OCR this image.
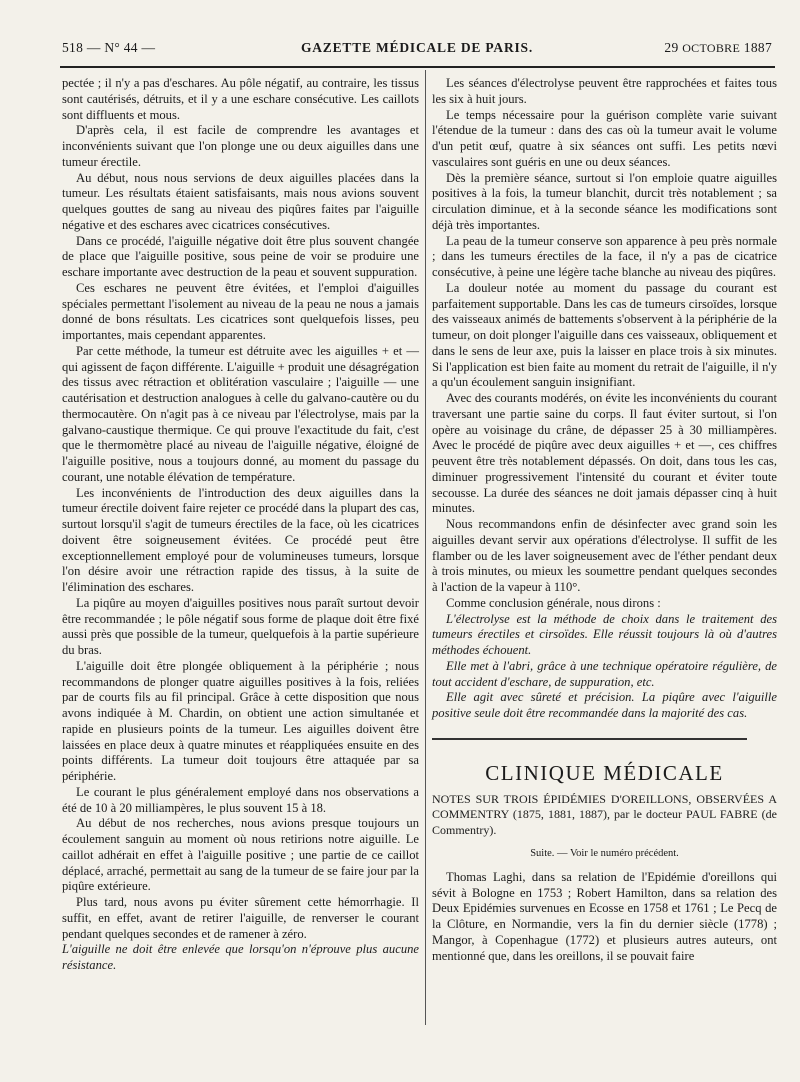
518 — N° 44 —	GAZETTE MÉDICALE DE PARIS.	29 OCTOBRE 1887

pectée ; il n'y a pas d'eschares. Au pôle négatif, au contraire, les tissus sont cautérisés, détruits, et il y a une eschare consécutive. Les caillots sont diffluents et mous.

D'après cela, il est facile de comprendre les avantages et inconvénients suivant que l'on plonge une ou deux aiguilles dans une tumeur érectile.

Au début, nous nous servions de deux aiguilles placées dans la tumeur. Les résultats étaient satisfaisants, mais nous avions souvent quelques gouttes de sang au niveau des piqûres faites par l'aiguille négative et des eschares avec cicatrices consécutives.

Dans ce procédé, l'aiguille négative doit être plus souvent changée de place que l'aiguille positive, sous peine de voir se produire une eschare importante avec destruction de la peau et souvent suppuration.

Ces eschares ne peuvent être évitées, et l'emploi d'aiguilles spéciales permettant l'isolement au niveau de la peau ne nous a jamais donné de bons résultats. Les cicatrices sont quelquefois lisses, peu importantes, mais cependant apparentes.

Par cette méthode, la tumeur est détruite avec les aiguilles + et — qui agissent de façon différente. L'aiguille + produit une désagrégation des tissus avec rétraction et oblitération vasculaire ; l'aiguille — une cautérisation et destruction analogues à celle du galvano-cautère ou du thermocautère. On n'agit pas à ce niveau par l'électrolyse, mais par la galvano-caustique thermique. Ce qui prouve l'exactitude du fait, c'est que le thermomètre placé au niveau de l'aiguille négative, éloigné de l'aiguille positive, nous a toujours donné, au moment du passage du courant, une notable élévation de température.

Les inconvénients de l'introduction des deux aiguilles dans la tumeur érectile doivent faire rejeter ce procédé dans la plupart des cas, surtout lorsqu'il s'agit de tumeurs érectiles de la face, où les cicatrices doivent être soigneusement évitées. Ce procédé peut être exceptionnellement employé pour de volumineuses tumeurs, lorsque l'on désire avoir une rétraction rapide des tissus, à la suite de l'élimination des eschares.

La piqûre au moyen d'aiguilles positives nous paraît surtout devoir être recommandée ; le pôle négatif sous forme de plaque doit être fixé aussi près que possible de la tumeur, quelquefois à la partie supérieure du bras.

L'aiguille doit être plongée obliquement à la périphérie ; nous recommandons de plonger quatre aiguilles positives à la fois, reliées par de courts fils au fil principal. Grâce à cette disposition que nous avons indiquée à M. Chardin, on obtient une action simultanée et rapide en plusieurs points de la tumeur. Les aiguilles doivent être laissées en place deux à quatre minutes et réappliquées ensuite en des points différents. La tumeur doit toujours être attaquée par sa périphérie.

Le courant le plus généralement employé dans nos observations a été de 10 à 20 milliampères, le plus souvent 15 à 18.

Au début de nos recherches, nous avions presque toujours un écoulement sanguin au moment où nous retirions notre aiguille. Le caillot adhérait en effet à l'aiguille positive ; une partie de ce caillot déplacé, arraché, permettait au sang de la tumeur de se faire jour par la piqûre extérieure.

Plus tard, nous avons pu éviter sûrement cette hémorrhagie. Il suffit, en effet, avant de retirer l'aiguille, de renverser le courant pendant quelques secondes et de ramener à zéro.

L'aiguille ne doit être enlevée que lorsqu'on n'éprouve plus aucune résistance.

Les séances d'électrolyse peuvent être rapprochées et faites tous les six à huit jours.

Le temps nécessaire pour la guérison complète varie suivant l'étendue de la tumeur : dans des cas où la tumeur avait le volume d'un petit œuf, quatre à six séances ont suffi. Les petits nœvi vasculaires sont guéris en une ou deux séances.

Dès la première séance, surtout si l'on emploie quatre aiguilles positives à la fois, la tumeur blanchit, durcit très notablement ; sa circulation diminue, et à la seconde séance les modifications sont déjà très importantes.

La peau de la tumeur conserve son apparence à peu près normale ; dans les tumeurs érectiles de la face, il n'y a pas de cicatrice consécutive, à peine une légère tache blanche au niveau des piqûres.

La douleur notée au moment du passage du courant est parfaitement supportable. Dans les cas de tumeurs cirsoïdes, lorsque des vaisseaux animés de battements s'observent à la périphérie de la tumeur, on doit plonger l'aiguille dans ces vaisseaux, obliquement et dans le sens de leur axe, puis la laisser en place trois à six minutes. Si l'application est bien faite au moment du retrait de l'aiguille, il n'y a qu'un écoulement sanguin insignifiant.

Avec des courants modérés, on évite les inconvénients du courant traversant une partie saine du corps. Il faut éviter surtout, si l'on opère au voisinage du crâne, de dépasser 25 à 30 milliampères. Avec le procédé de piqûre avec deux aiguilles + et —, ces chiffres peuvent être très notablement dépassés. On doit, dans tous les cas, diminuer progressivement l'intensité du courant et éviter toute secousse. La durée des séances ne doit jamais dépasser cinq à huit minutes.

Nous recommandons enfin de désinfecter avec grand soin les aiguilles devant servir aux opérations d'électrolyse. Il suffit de les flamber ou de les laver soigneusement avec de l'éther pendant deux à trois minutes, ou mieux les soumettre pendant quelques secondes à l'action de la vapeur à 110°.

Comme conclusion générale, nous dirons :

L'électrolyse est la méthode de choix dans le traitement des tumeurs érectiles et cirsoïdes. Elle réussit toujours là où d'autres méthodes échouent.

Elle met à l'abri, grâce à une technique opératoire régulière, de tout accident d'eschare, de suppuration, etc.

Elle agit avec sûreté et précision. La piqûre avec l'aiguille positive seule doit être recommandée dans la majorité des cas.

CLINIQUE MÉDICALE

NOTES SUR TROIS ÉPIDÉMIES D'OREILLONS, OBSERVÉES A COMMENTRY (1875, 1881, 1887), par le docteur PAUL FABRE (de Commentry).

Suite. — Voir le numéro précédent.

Thomas Laghi, dans sa relation de l'Epidémie d'oreillons qui sévit à Bologne en 1753 ; Robert Hamilton, dans sa relation des Deux Epidémies survenues en Ecosse en 1758 et 1761 ; Le Pecq de la Clôture, en Normandie, vers la fin du dernier siècle (1778) ; Mangor, à Copenhague (1772) et plusieurs autres auteurs, ont mentionné que, dans les oreillons, il se pouvait faire
